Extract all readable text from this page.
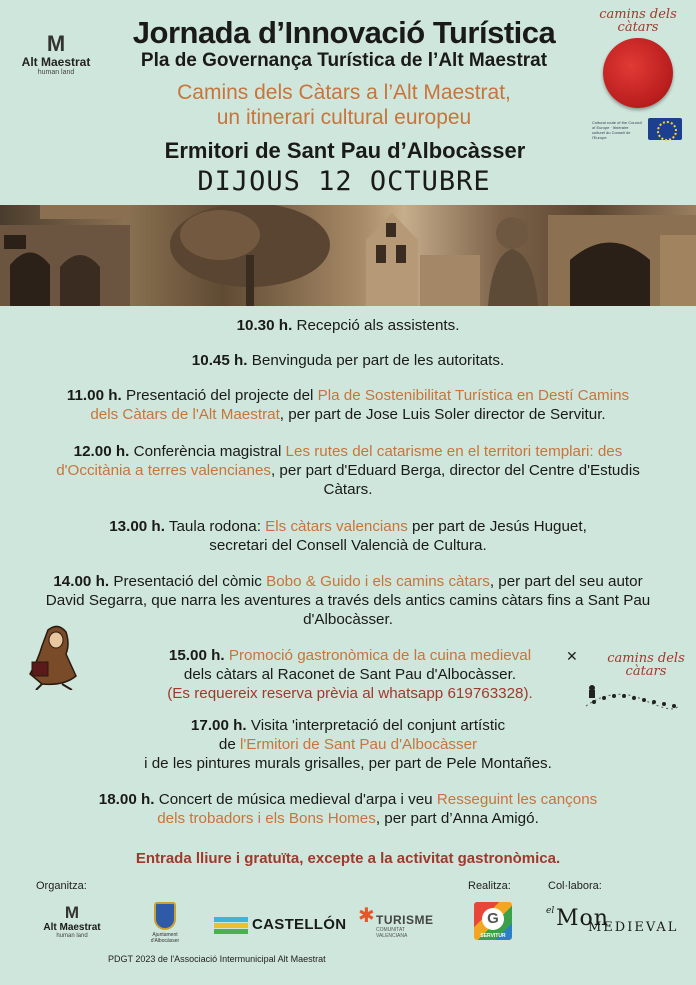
M
Alt Maestrat
human land
Jornada d’Innovació Turística
Pla de Governança Turística de l’Alt Maestrat
Camins dels Càtars a l’Alt Maestrat,
un itinerari cultural europeu
Ermitori de Sant Pau d’Albocàsser
DIJOUS 12 OCTUBRE
camins dels
càtars
Cultural route of the Council of Europe · Itinéraire culturel du Conseil de l'Europe
10.30 h. Recepció als assistents.
10.45 h. Benvinguda per part de les autoritats.
11.00 h. Presentació del projecte del Pla de Sostenibilitat Turística en Destí Camins
dels Càtars de l'Alt Maestrat, per part de Jose Luis Soler director de Servitur.
12.00 h. Conferència magistral Les rutes del catarisme en el territori templari: des
d'Occitània a terres valencianes, per part d'Eduard Berga, director del Centre d'Estudis
Càtars.
13.00 h. Taula rodona: Els càtars valencians per part de Jesús Huguet,
secretari del Consell Valencià de Cultura.
14.00 h. Presentació del còmic Bobo & Guido i els camins càtars, per part del seu autor
David Segarra, que narra les aventures a través dels antics camins càtars fins a Sant Pau
d'Albocàsser.
15.00 h. Promoció gastronòmica de la cuina medieval
dels càtars al Raconet de Sant Pau d'Albocàsser.
(Es requereix reserva prèvia al whatsapp 619763328).
✕ camins dels
càtars
17.00 h. Visita 'interpretació del conjunt artístic
de l'Ermitori de Sant Pau d'Albocàsser
i de les pintures murals grisalles, per part de Pele Montañes.
18.00 h. Concert de música medieval d'arpa i veu Resseguint les cançons
dels trobadors i els Bons Homes, per part d’Anna Amigó.
Entrada lliure i gratuïta, excepte a la activitat gastronòmica.
Organitza:	Realitza:	Col·labora:
M
Alt Maestrat
human land	Ajuntament d'Albocàsser
CASTELLÓN ✱ TURISME
COMUNITAT VALENCIANA
G
SERVITUR
el Mon
MEDIEVAL
PDGT 2023 de l'Associació Intermunicipal Alt Maestrat
